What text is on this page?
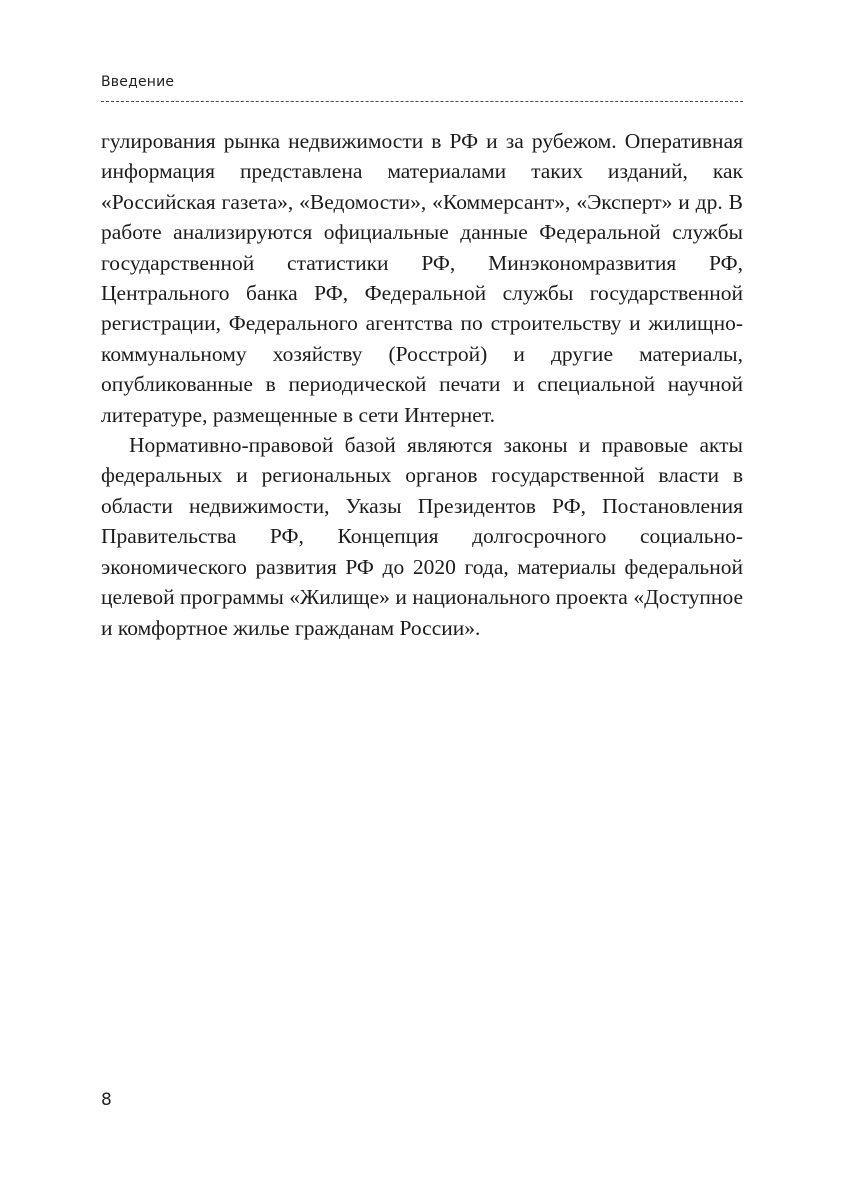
Введение

гулирования рынка недвижимости в РФ и за рубежом. Оперативная информация представлена материалами таких изданий, как «Российская газета», «Ведомости», «Коммерсант», «Эксперт» и др. В работе анализируются официальные данные Федеральной службы государственной статистики РФ, Минэкономразвития РФ, Центрального банка РФ, Федеральной службы государственной регистрации, Федерального агентства по строительству и жилищно-коммунальному хозяйству (Росстрой) и другие материалы, опубликованные в периодической печати и специальной научной литературе, размещенные в сети Интернет.

Нормативно-правовой базой являются законы и правовые акты федеральных и региональных органов государственной власти в области недвижимости, Указы Президентов РФ, Постановления Правительства РФ, Концепция долгосрочного социально-экономического развития РФ до 2020 года, материалы федеральной целевой программы «Жилище» и национального проекта «Доступное и комфортное жилье гражданам России».

8
